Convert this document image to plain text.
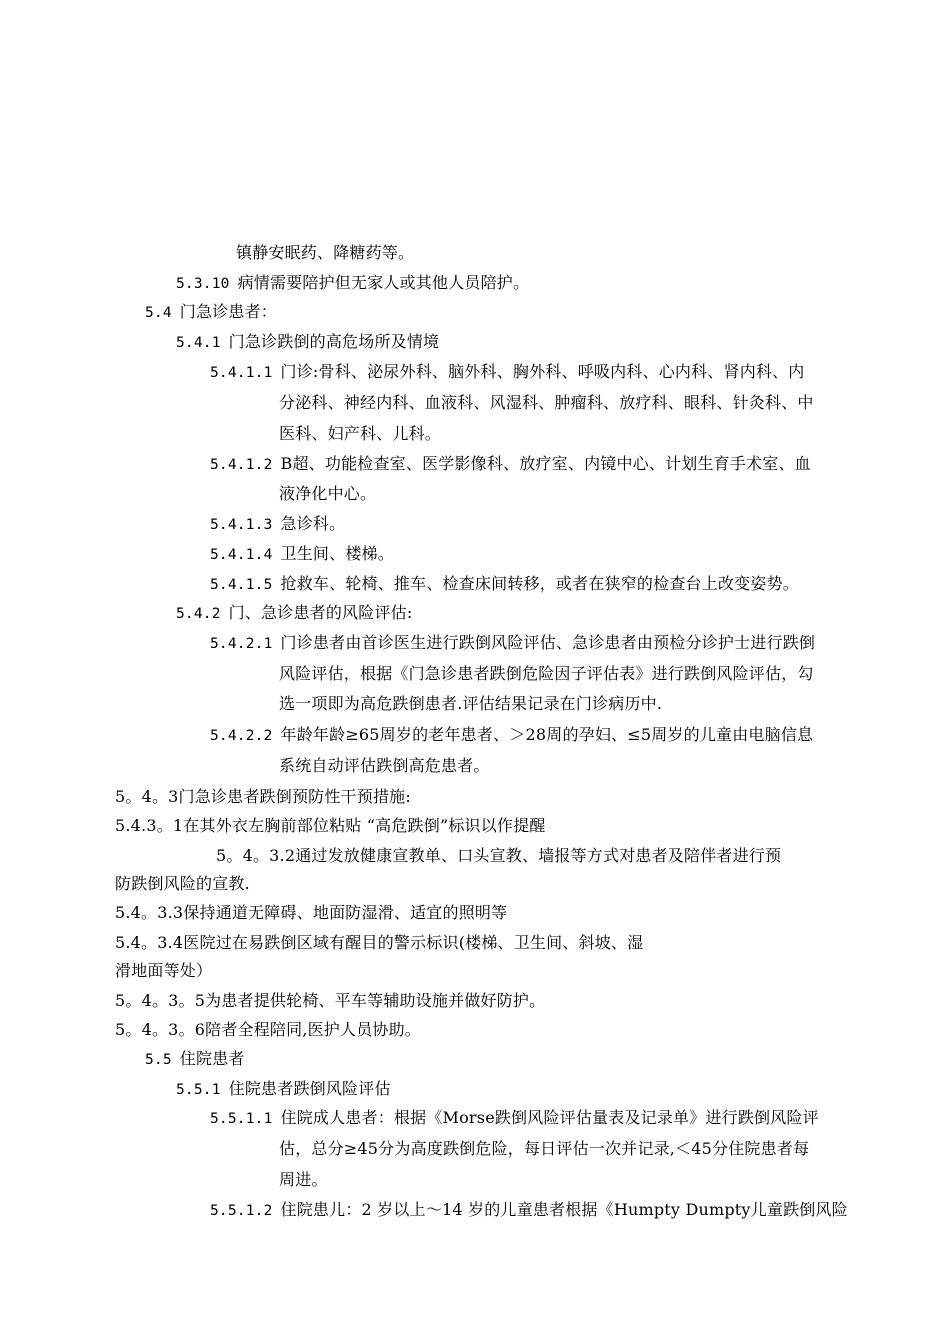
镇静安眠药、降糖药等。
5.3.10 病情需要陪护但无家人或其他人员陪护。
5.4 门急诊患者：
5.4.1 门急诊跌倒的高危场所及情境
5.4.1.1 门诊:骨科、泌尿外科、脑外科、胸外科、呼吸内科、心内科、肾内科、内
分泌科、神经内科、血液科、风湿科、肿瘤科、放疗科、眼科、针灸科、中
医科、妇产科、儿科。
5.4.1.2 B超、功能检查室、医学影像科、放疗室、内镜中心、计划生育手术室、血
液净化中心。
5.4.1.3 急诊科。
5.4.1.4 卫生间、楼梯。
5.4.1.5 抢救车、轮椅、推车、检查床间转移，或者在狭窄的检查台上改变姿势。
5.4.2 门、急诊患者的风险评估:
5.4.2.1 门诊患者由首诊医生进行跌倒风险评估、急诊患者由预检分诊护士进行跌倒
风险评估，根据《门急诊患者跌倒危险因子评估表》进行跌倒风险评估，勾
选一项即为高危跌倒患者.评估结果记录在门诊病历中.
5.4.2.2 年龄年龄≥65周岁的老年患者、＞28周的孕妇、≤5周岁的儿童由电脑信息
系统自动评估跌倒高危患者。
5。4。3门急诊患者跌倒预防性干预措施:
5.4.3。1在其外衣左胸前部位粘贴 “高危跌倒”标识以作提醒
5。4。3.2通过发放健康宣教单、口头宣教、墙报等方式对患者及陪伴者进行预
防跌倒风险的宣教.
5.4。3.3保持通道无障碍、地面防湿滑、适宜的照明等
5.4。3.4医院过在易跌倒区域有醒目的警示标识(楼梯、卫生间、斜坡、湿
滑地面等处）
5。4。3。5为患者提供轮椅、平车等辅助设施并做好防护。
5。4。3。6陪者全程陪同,医护人员协助。
5.5 住院患者
5.5.1 住院患者跌倒风险评估
5.5.1.1 住院成人患者：根据《Morse跌倒风险评估量表及记录单》进行跌倒风险评
估，总分≥45分为高度跌倒危险，每日评估一次并记录,＜45分住院患者每
周进。
5.5.1.2 住院患儿：2 岁以上～14 岁的儿童患者根据《Humpty Dumpty儿童跌倒风险
